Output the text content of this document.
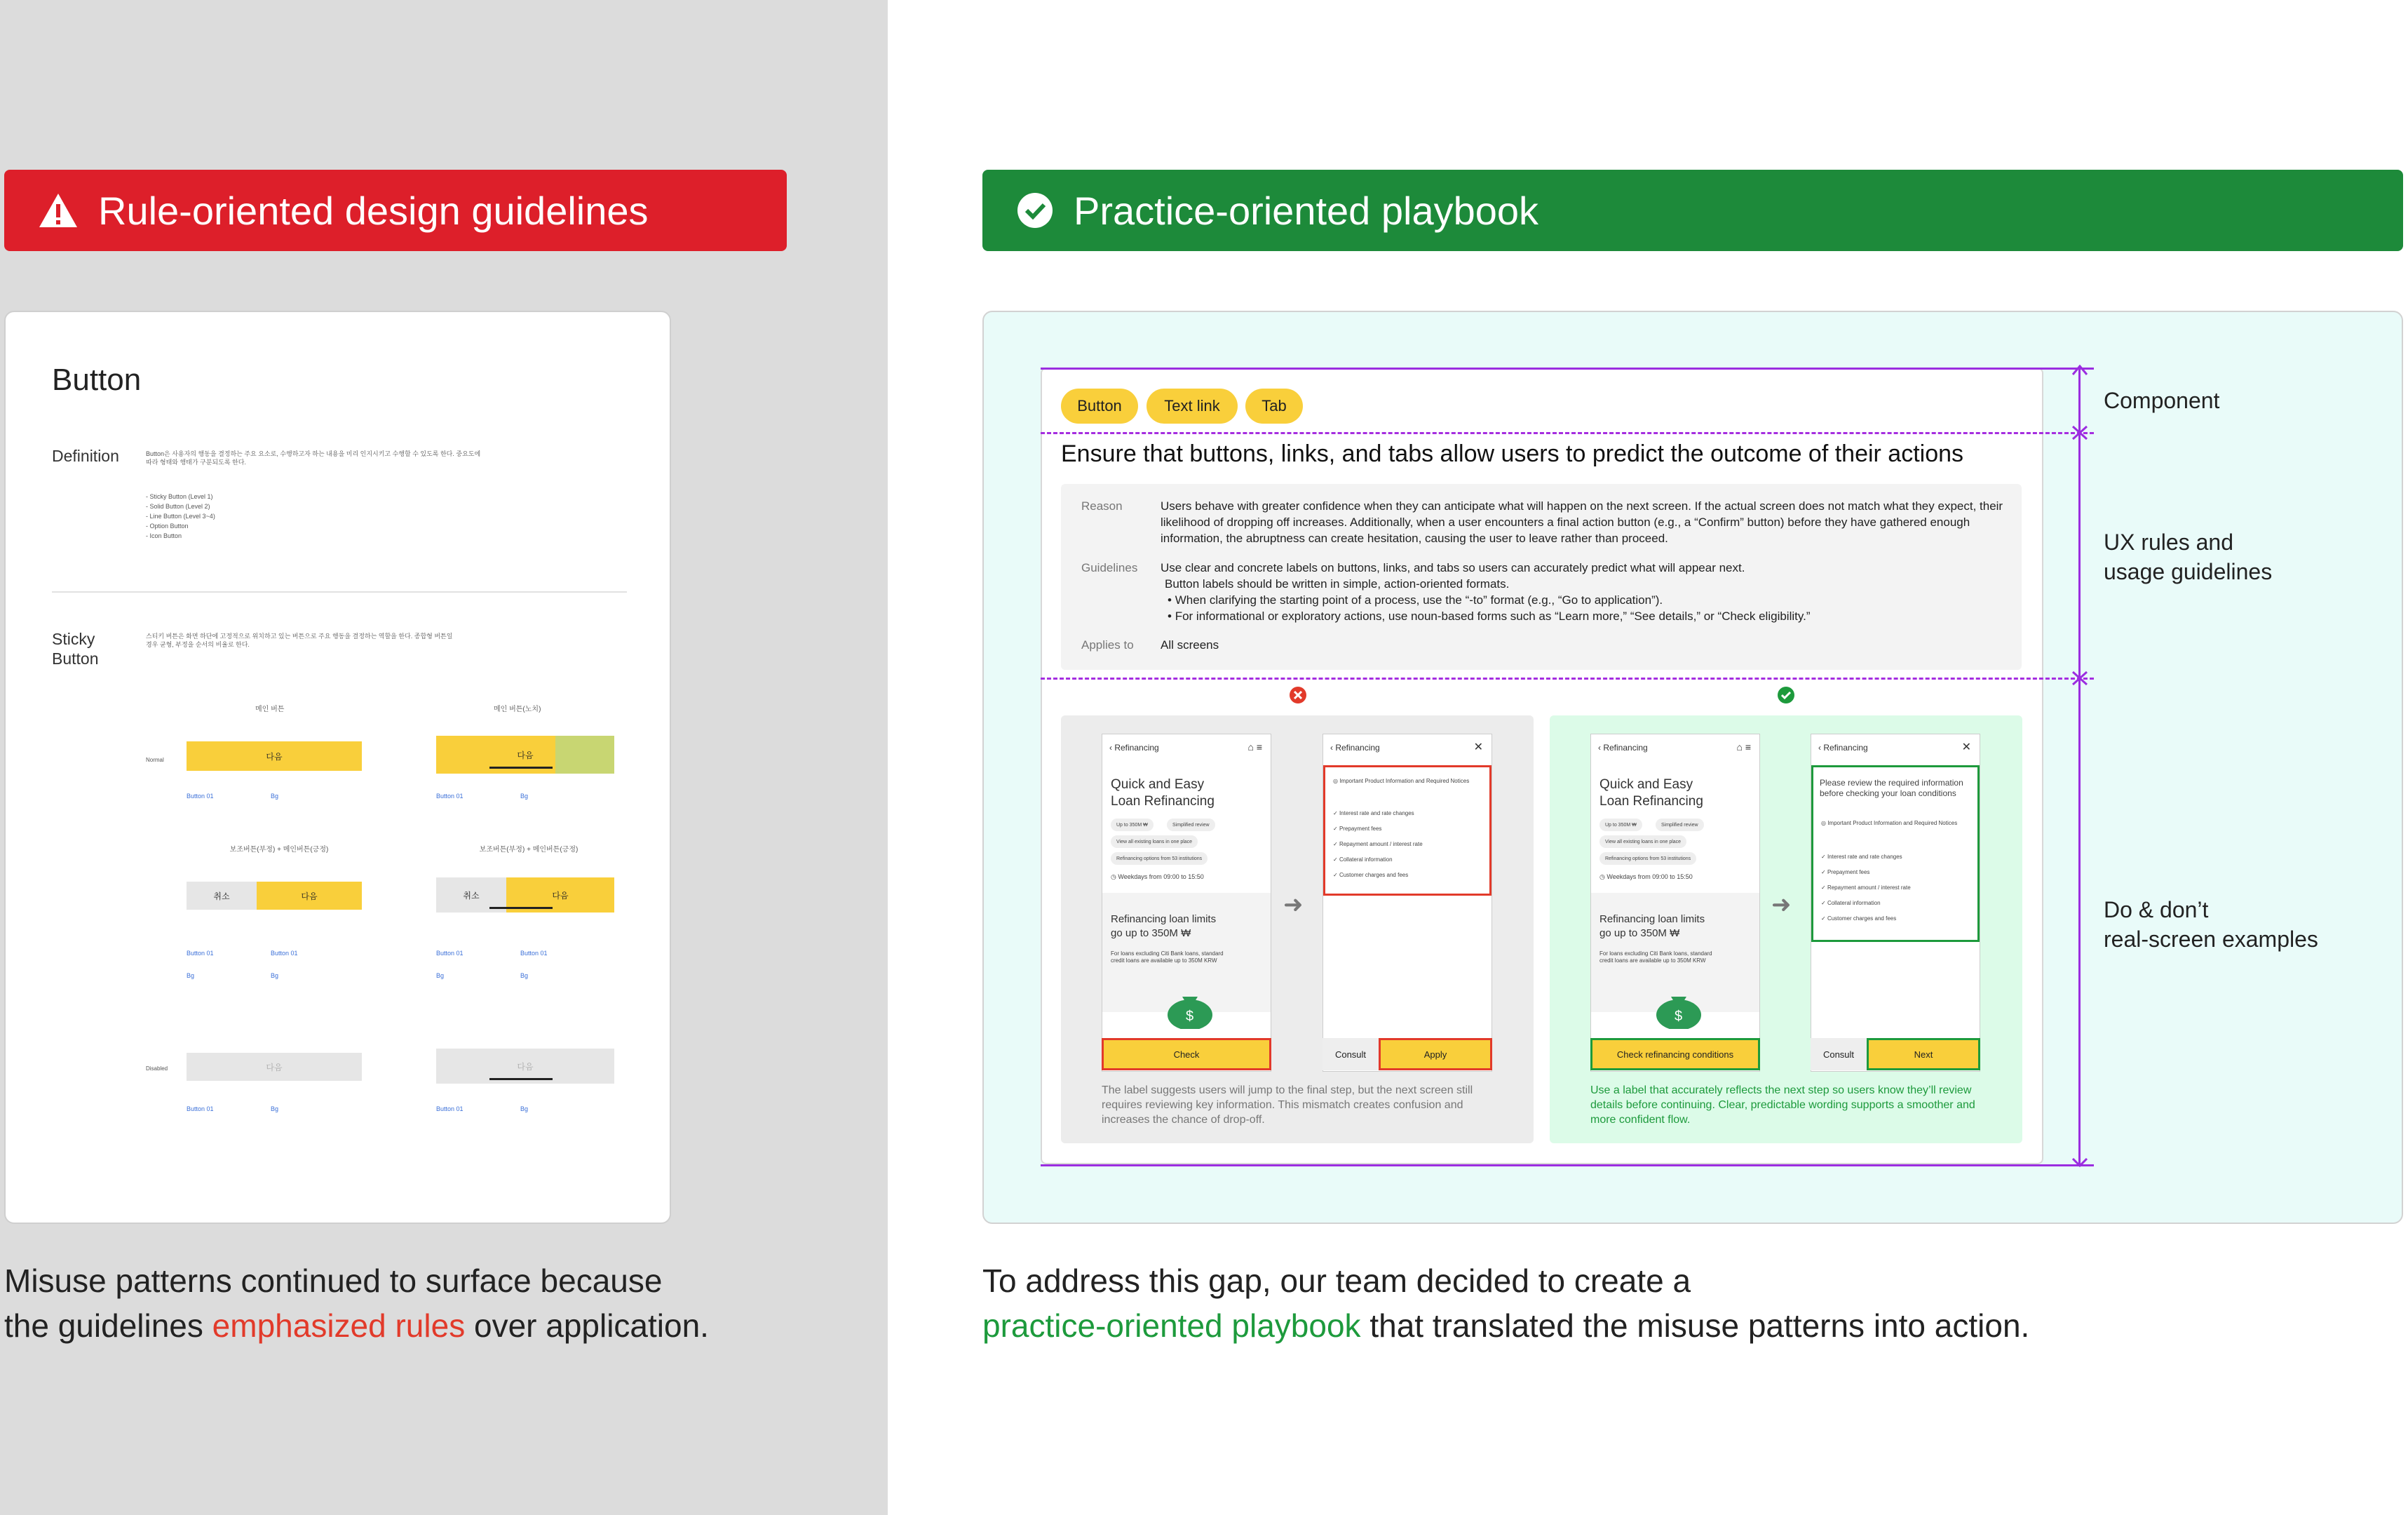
Rule-oriented design guidelines
Button
Definition	Button은 사용자의 행동을 결정하는 주요 요소로, 수행하고자 하는 내용을 미리 인지시키고 수행할 수 있도록 한다. 중요도에 따라 형태와 행태가 구분되도록 한다.
- Sticky Button (Level 1)
- Solid Button (Level 2)
- Line Button (Level 3~4)
- Option Button
- Icon Button
Sticky
Button
스티키 버튼은 화면 하단에 고정적으로 위치하고 있는 버튼으로 주요 행동을 결정하는 역할을 한다. 종합형 버튼일 경우 균형, 부정을 순서의 비율로 한다.
메인 버튼	메인 버튼(노치)
Normal	다음	다음
Button 01	Bg	Button 01	Bg
보조버튼(부정) + 메인버튼(긍정)	보조버튼(부정) + 메인버튼(긍정)
취소	다음	취소	다음
Button 01	Button 01	Button 01	Button 01
Bg	Bg	Bg	Bg
Disabled	다음	다음
Button 01	Bg	Button 01	Bg
Misuse patterns continued to surface because
the guidelines emphasized rules over application.
Practice-oriented playbook
Button	Text link	Tab
Ensure that buttons, links, and tabs allow users to predict the outcome of their actions
Reason	Users behave with greater confidence when they can anticipate what will happen on the next screen. If the actual screen does not match what they expect, their likelihood of dropping off increases. Additionally, when a user encounters a final action button (e.g., a “Confirm” button) before they have gathered enough information, the abruptness can create hesitation, causing the user to leave rather than proceed.
Guidelines Use clear and concrete labels on buttons, links, and tabs so users can accurately predict what will appear next.
Button labels should be written in simple, action-oriented formats.
• When clarifying the starting point of a process, use the “-to” format (e.g., “Go to application”).
• For informational or exploratory actions, use noun-based forms such as “Learn more,” “See details,” or “Check eligibility.”
Applies to All screens
Component
UX rules and
usage guidelines
Do & don’t
real-screen examples
‹ Refinancing	⌂ ≡
Quick and Easy
Loan Refinancing
Up to 350M ₩	Simplified review
View all existing loans in one place
Refinancing options from 53 institutions
◷ Weekdays from 09:00 to 15:50
Refinancing loan limits
go up to 350M ₩
For loans excluding Citi Bank loans, standard credit loans are available up to 350M KRW
$
Check
➜
‹ Refinancing	✕
◎ Important Product Information and Required Notices
✓ Interest rate and rate changes
✓ Prepayment fees
✓ Repayment amount / interest rate
✓ Collateral information
✓ Customer charges and fees
Consult	Apply
The label suggests users will jump to the final step, but the next screen still requires reviewing key information. This mismatch creates confusion and increases the chance of drop-off.
‹ Refinancing	⌂ ≡
Quick and Easy
Loan Refinancing
Up to 350M ₩	Simplified review
View all existing loans in one place
Refinancing options from 53 institutions
◷ Weekdays from 09:00 to 15:50
Refinancing loan limits
go up to 350M ₩
For loans excluding Citi Bank loans, standard credit loans are available up to 350M KRW
$
Check refinancing conditions
➜
‹ Refinancing	✕
Please review the required information before checking your loan conditions
◎ Important Product Information and Required Notices
✓ Interest rate and rate changes
✓ Prepayment fees
✓ Repayment amount / interest rate
✓ Collateral information
✓ Customer charges and fees
Consult	Next
Use a label that accurately reflects the next step so users know they’ll review details before continuing. Clear, predictable wording supports a smoother and more confident flow.
To address this gap, our team decided to create a
practice-oriented playbook that translated the misuse patterns into action.
